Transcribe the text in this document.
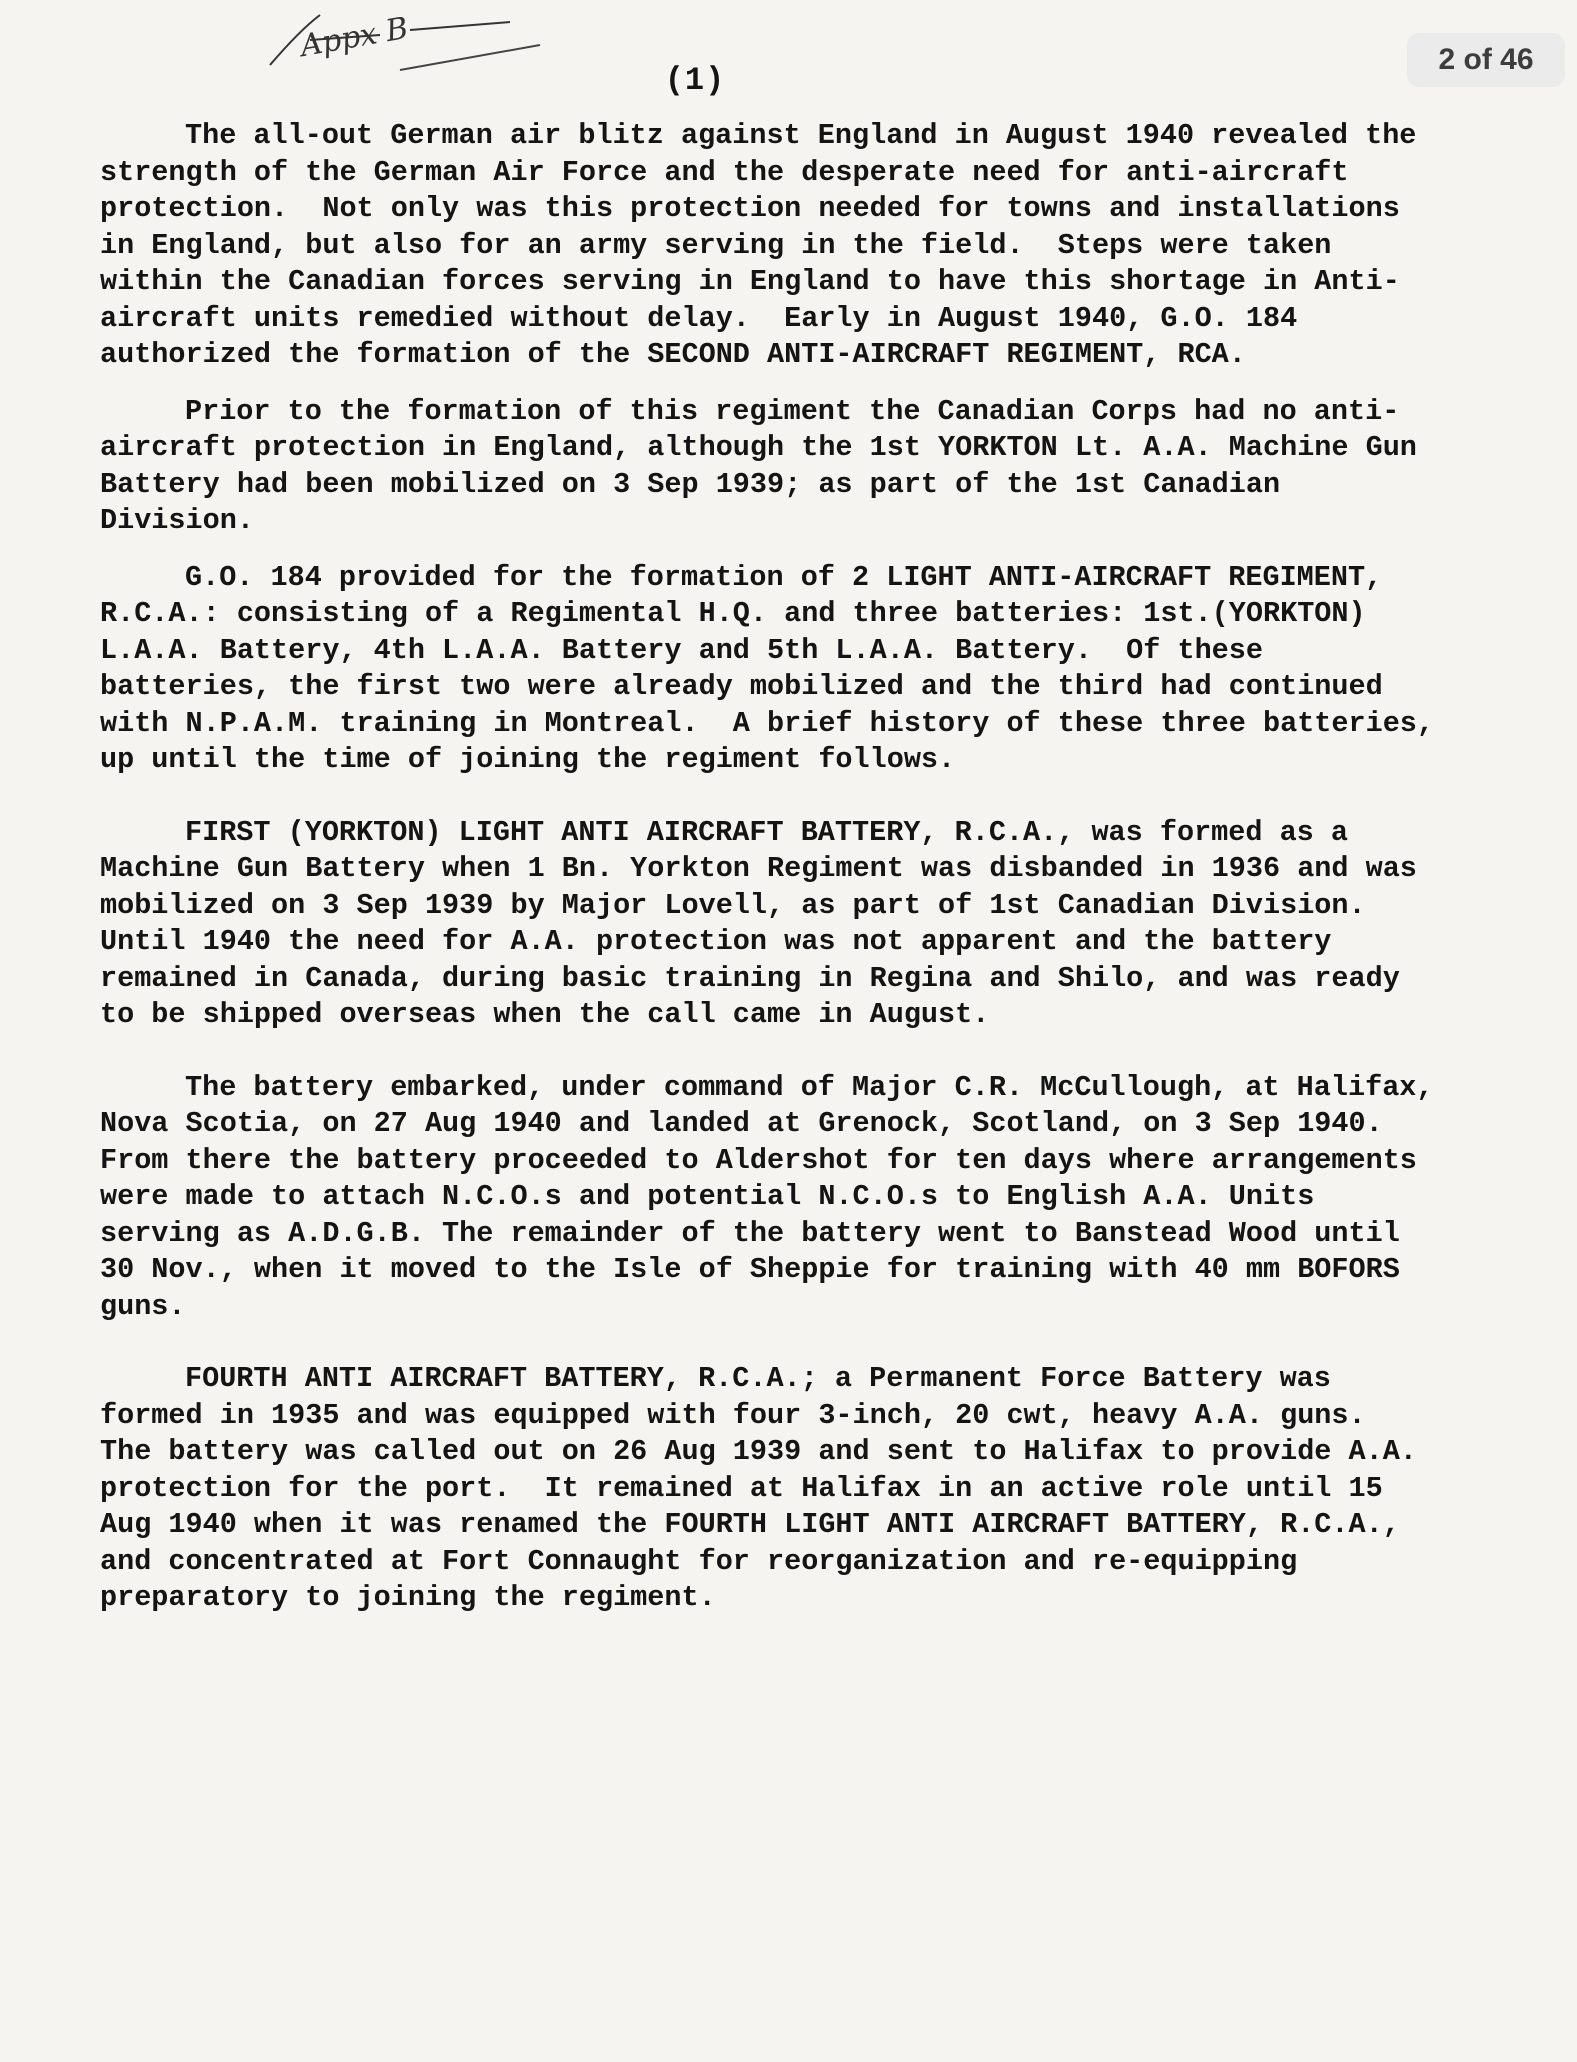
Appx B
(1)

The all-out German air blitz against England in August 1940 revealed the strength of the German Air Force and the desperate need for anti-aircraft protection.  Not only was this protection needed for towns and installations in England, but also for an army serving in the field.  Steps were taken within the Canadian forces serving in England to have this shortage in Anti-aircraft units remedied without delay.  Early in August 1940, G.O. 184 authorized the formation of the SECOND ANTI-AIRCRAFT REGIMENT, RCA.

Prior to the formation of this regiment the Canadian Corps had no anti-aircraft protection in England, although the 1st YORKTON Lt. A.A. Machine Gun Battery had been mobilized on 3 Sep 1939; as part of the 1st Canadian Division.

G.O. 184 provided for the formation of 2 LIGHT ANTI-AIRCRAFT REGIMENT, R.C.A.: consisting of a Regimental H.Q. and three batteries: 1st.(YORKTON) L.A.A. Battery, 4th L.A.A. Battery and 5th L.A.A. Battery.  Of these batteries, the first two were already mobilized and the third had continued with N.P.A.M. training in Montreal.  A brief history of these three batteries, up until the time of joining the regiment follows.

FIRST (YORKTON) LIGHT ANTI AIRCRAFT BATTERY, R.C.A., was formed as a Machine Gun Battery when 1 Bn. Yorkton Regiment was disbanded in 1936 and was mobilized on 3 Sep 1939 by Major Lovell, as part of 1st Canadian Division.  Until 1940 the need for A.A. protection was not apparent and the battery remained in Canada, during basic training in Regina and Shilo, and was ready to be shipped overseas when the call came in August.

The battery embarked, under command of Major C.R. McCullough, at Halifax, Nova Scotia, on 27 Aug 1940 and landed at Grenock, Scotland, on 3 Sep 1940.  From there the battery proceeded to Aldershot for ten days where arrangements were made to attach N.C.O.s and potential N.C.O.s to English A.A. Units serving as A.D.G.B. The remainder of the battery went to Banstead Wood until 30 Nov., when it moved to the Isle of Sheppie for training with 40 mm BOFORS guns.

FOURTH ANTI AIRCRAFT BATTERY, R.C.A.; a Permanent Force Battery was formed in 1935 and was equipped with four 3-inch, 20 cwt, heavy A.A. guns.  The battery was called out on 26 Aug 1939 and sent to Halifax to provide A.A. protection for the port.  It remained at Halifax in an active role until 15 Aug 1940 when it was renamed the FOURTH LIGHT ANTI AIRCRAFT BATTERY, R.C.A., and concentrated at Fort Connaught for reorganization and re-equipping preparatory to joining the regiment.

2 of 46
